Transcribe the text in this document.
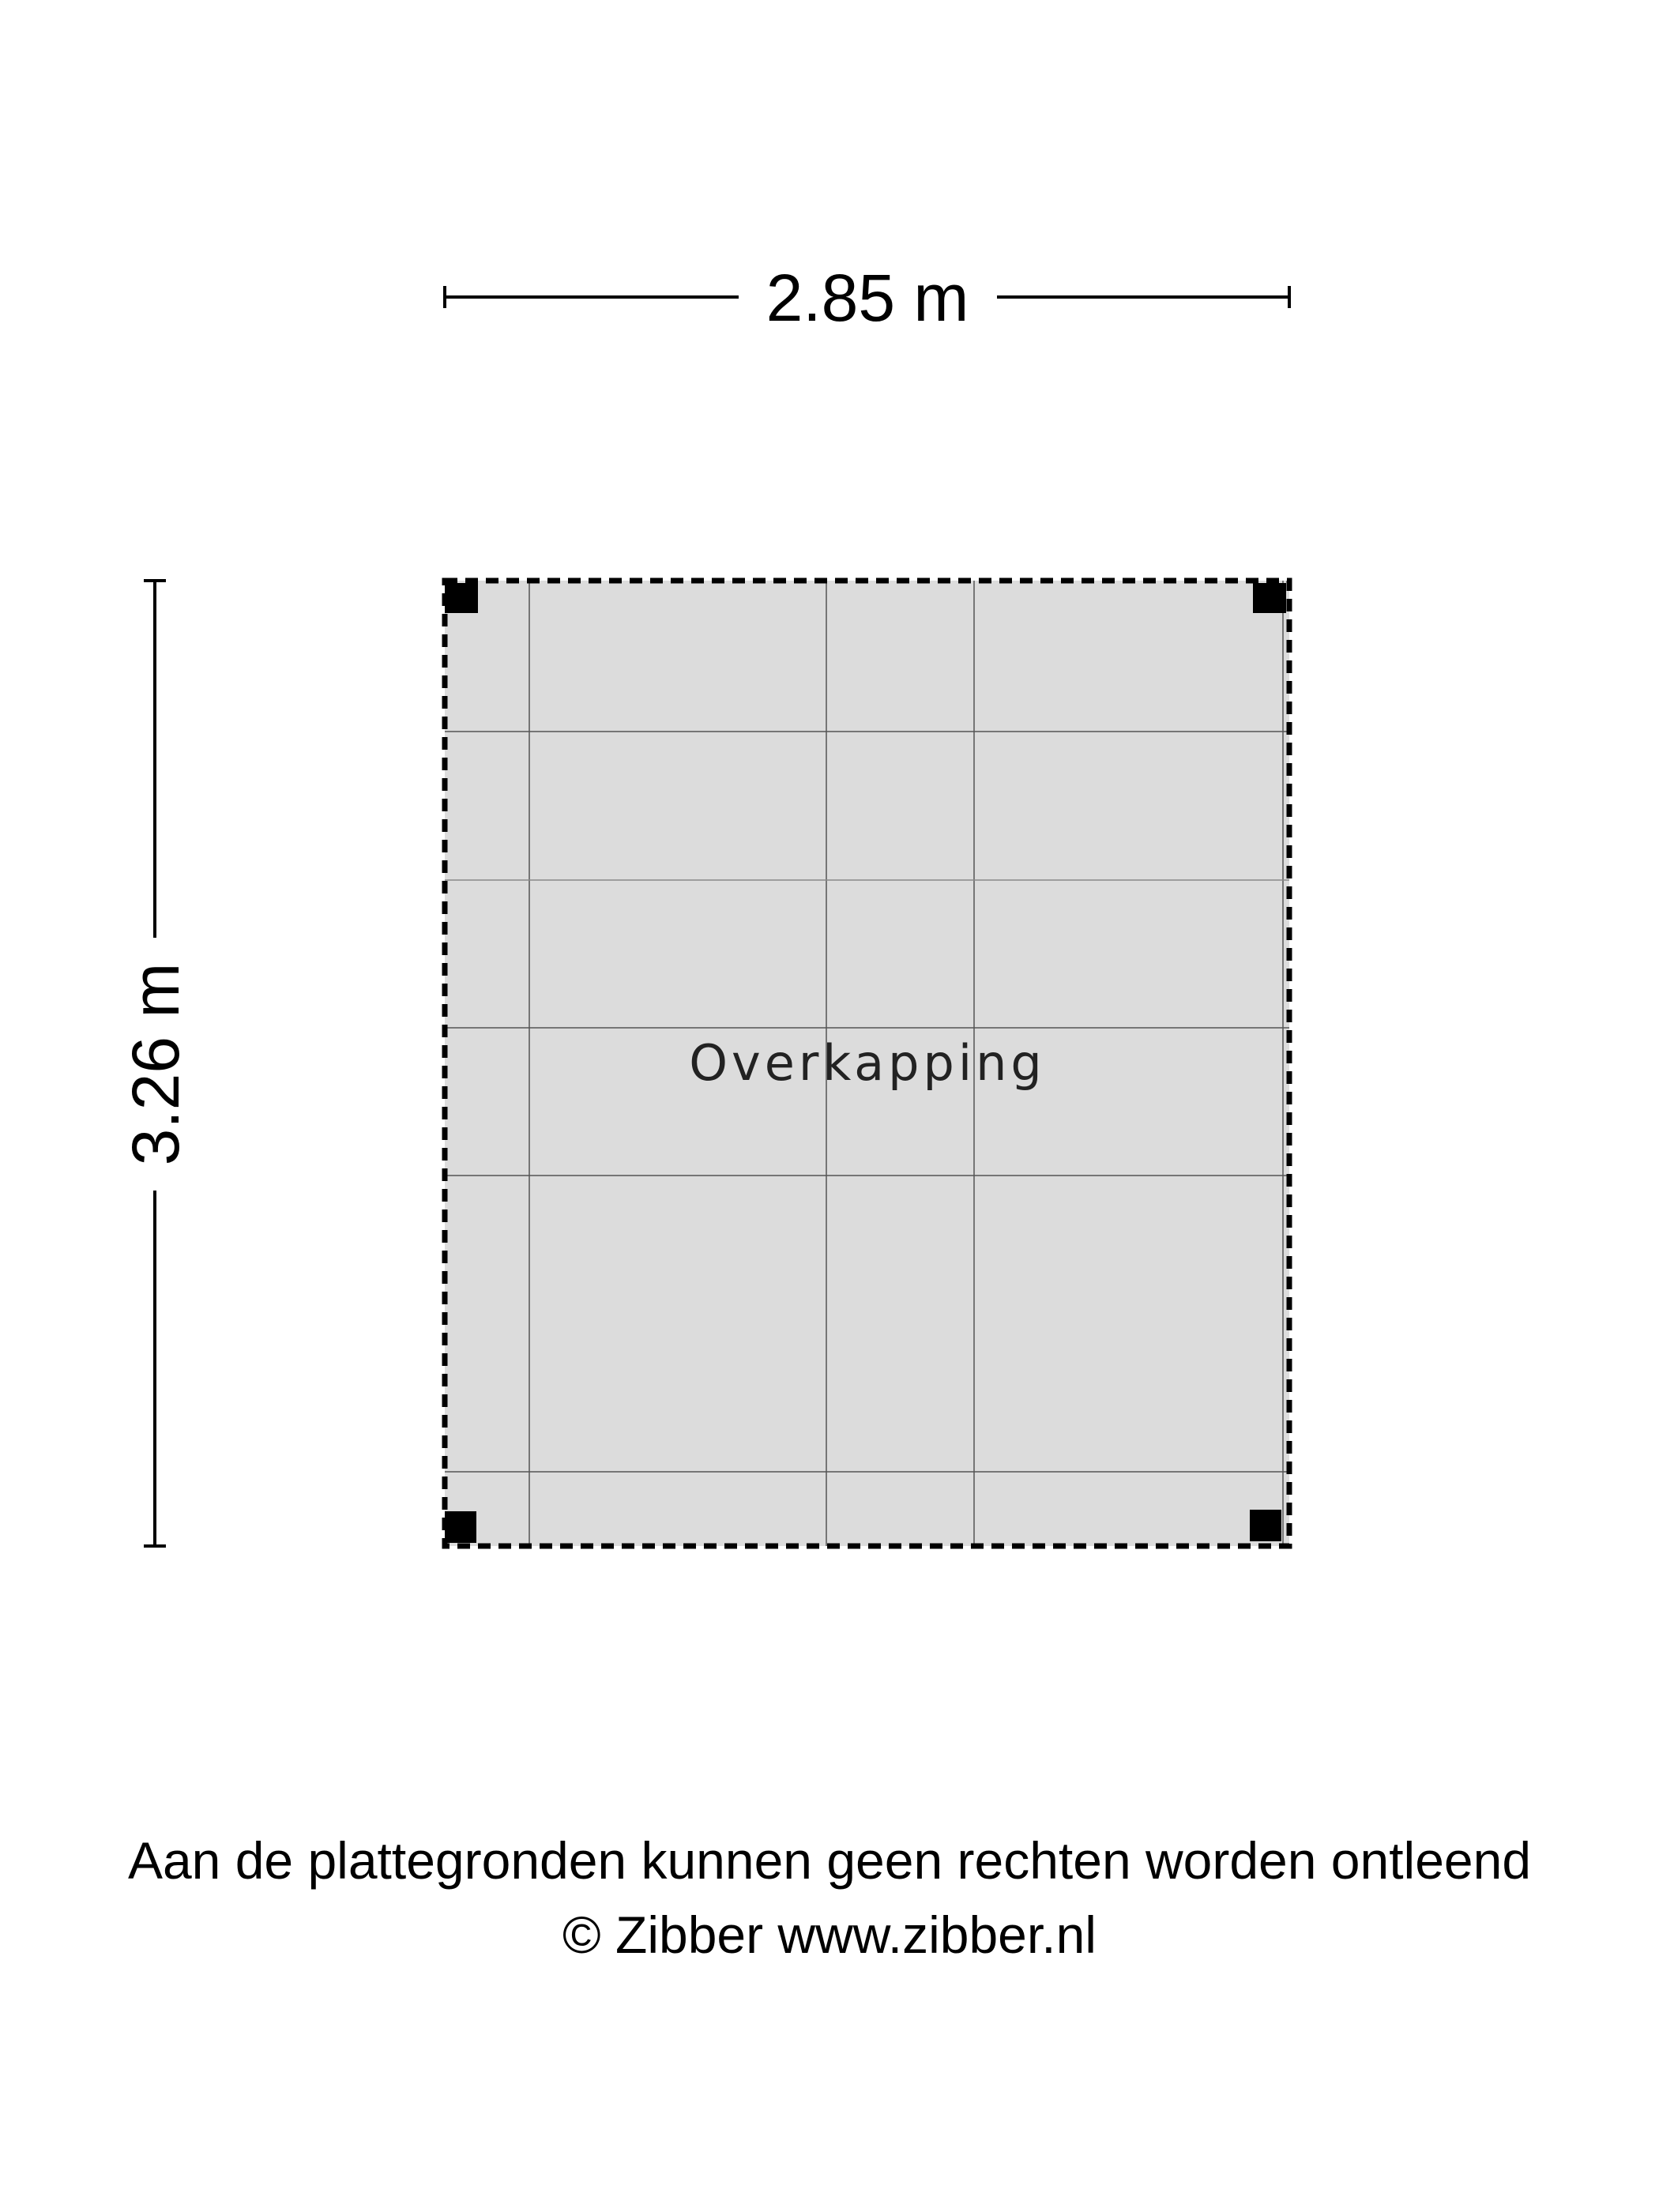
2.85 m
3.26 m	Overkapping
Aan de plattegronden kunnen geen rechten worden ontleend
© Zibber www.zibber.nl
